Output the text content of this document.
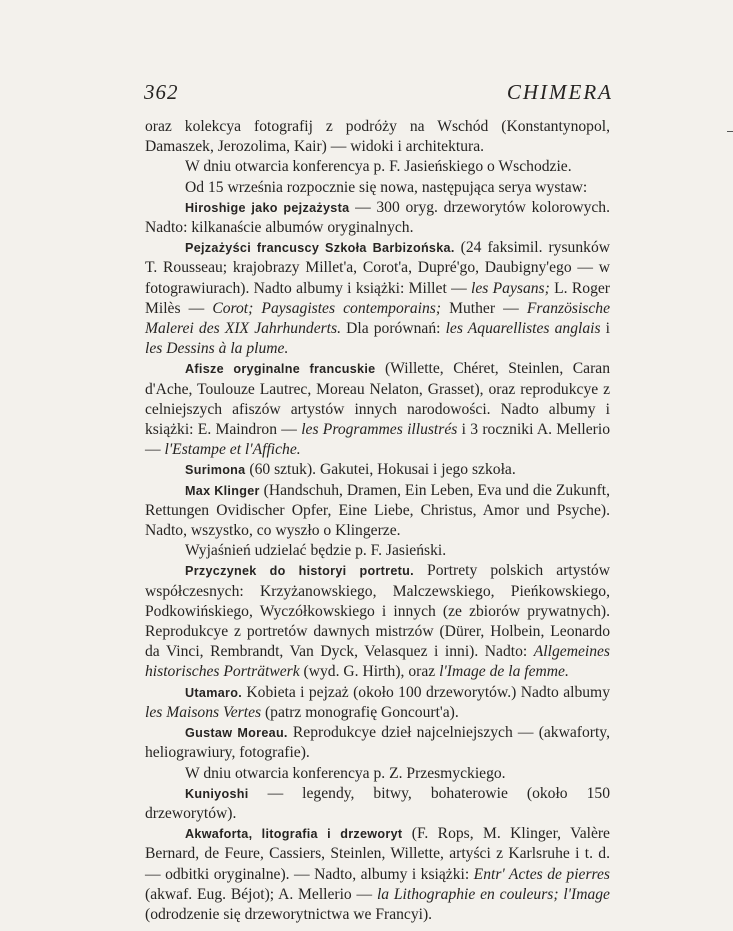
362	CHIMERA

oraz kolekcya fotografij z podróży na Wschód (Konstantynopol, Damaszek, Jerozolima, Kair) — widoki i architektura.

W dniu otwarcia konferencya p. F. Jasieńskiego o Wschodzie.

Od 15 września rozpocznie się nowa, następująca serya wystaw:

Hiroshige jako pejzażysta — 300 oryg. drzeworytów kolorowych. Nadto: kilkanaście albumów oryginalnych.

Pejzażyści francuscy Szkoła Barbizońska. (24 faksimil. rysunków T. Rousseau; krajobrazy Millet'a, Corot'a, Dupré'go, Daubigny'ego — w fotograwiurach). Nadto albumy i książki: Millet — les Paysans; L. Roger Milès — Corot; Paysagistes contemporains; Muther — Französische Malerei des XIX Jahrhunderts. Dla porównań: les Aquarellistes anglais i les Dessins à la plume.

Afisze oryginalne francuskie (Willette, Chéret, Steinlen, Caran d'Ache, Toulouze Lautrec, Moreau Nelaton, Grasset), oraz reprodukcye z celniejszych afiszów artystów innych narodowości. Nadto albumy i książki: E. Maindron — les Programmes illustrés i 3 roczniki A. Mellerio — l'Estampe et l'Affiche.

Surimona (60 sztuk). Gakutei, Hokusai i jego szkoła.

Max Klinger (Handschuh, Dramen, Ein Leben, Eva und die Zukunft, Rettungen Ovidischer Opfer, Eine Liebe, Christus, Amor und Psyche). Nadto, wszystko, co wyszło o Klingerze.

Wyjaśnień udzielać będzie p. F. Jasieński.

Przyczynek do historyi portretu. Portrety polskich artystów współczesnych: Krzyżanowskiego, Malczewskiego, Pieńkowskiego, Podkowińskiego, Wyczółkowskiego i innych (ze zbiorów prywatnych). Reprodukcye z portretów dawnych mistrzów (Dürer, Holbein, Leonardo da Vinci, Rembrandt, Van Dyck, Velasquez i inni). Nadto: Allgemeines historisches Porträtwerk (wyd. G. Hirth), oraz l'Image de la femme.

Utamaro. Kobieta i pejzaż (około 100 drzeworytów.) Nadto albumy les Maisons Vertes (patrz monografię Goncourt'a).

Gustaw Moreau. Reprodukcye dzieł najcelniejszych — (akwaforty, heliograwiury, fotografie).

W dniu otwarcia konferencya p. Z. Przesmyckiego.

Kuniyoshi — legendy, bitwy, bohaterowie (około 150 drzeworytów).

Akwaforta, litografia i drzeworyt (F. Rops, M. Klinger, Valère Bernard, de Feure, Cassiers, Steinlen, Willette, artyści z Karlsruhe i t. d. — odbitki oryginalne). — Nadto, albumy i książki: Entr' Actes de pierres (akwaf. Eug. Béjot); A. Mellerio — la Lithographie en couleurs; l'Image (odrodzenie się drzeworytnictwa we Francyi).
